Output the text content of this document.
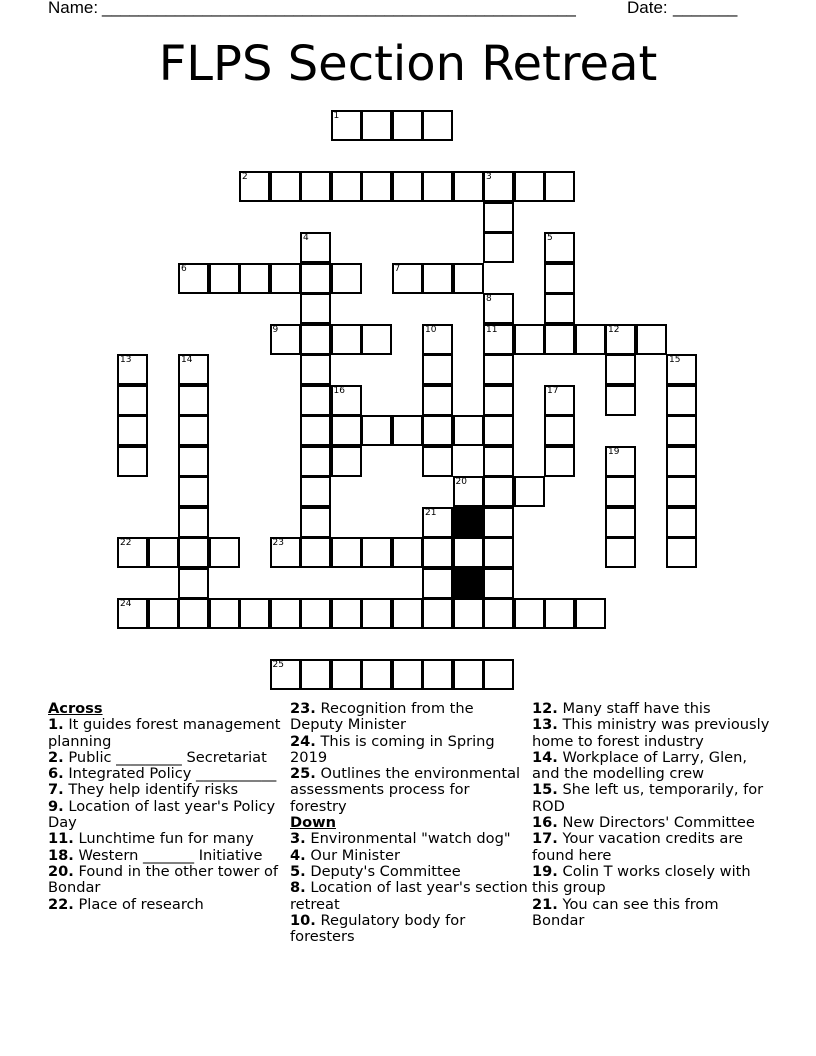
Name: ____________________________________________________	Date: _______
FLPS Section Retreat
1
2	3
4	5
6	7
8
9	10	11	12
13	14	15
16	17
19
20
21
22	23
24
25
Across
1. It guides forest management planning
2. Public _________ Secretariat
6. Integrated Policy ___________
7. They help identify risks
9. Location of last year's Policy Day
11. Lunchtime fun for many
18. Western _______ Initiative
20. Found in the other tower of Bondar
22. Place of research
23. Recognition from the Deputy Minister
24. This is coming in Spring 2019
25. Outlines the environmental assessments process for forestry
Down
3. Environmental "watch dog"
4. Our Minister
5. Deputy's Committee
8. Location of last year's section retreat
10. Regulatory body for foresters
12. Many staff have this
13. This ministry was previously home to forest industry
14. Workplace of Larry, Glen, and the modelling crew
15. She left us, temporarily, for ROD
16. New Directors' Committee
17. Your vacation credits are found here
19. Colin T works closely with this group
21. You can see this from Bondar
